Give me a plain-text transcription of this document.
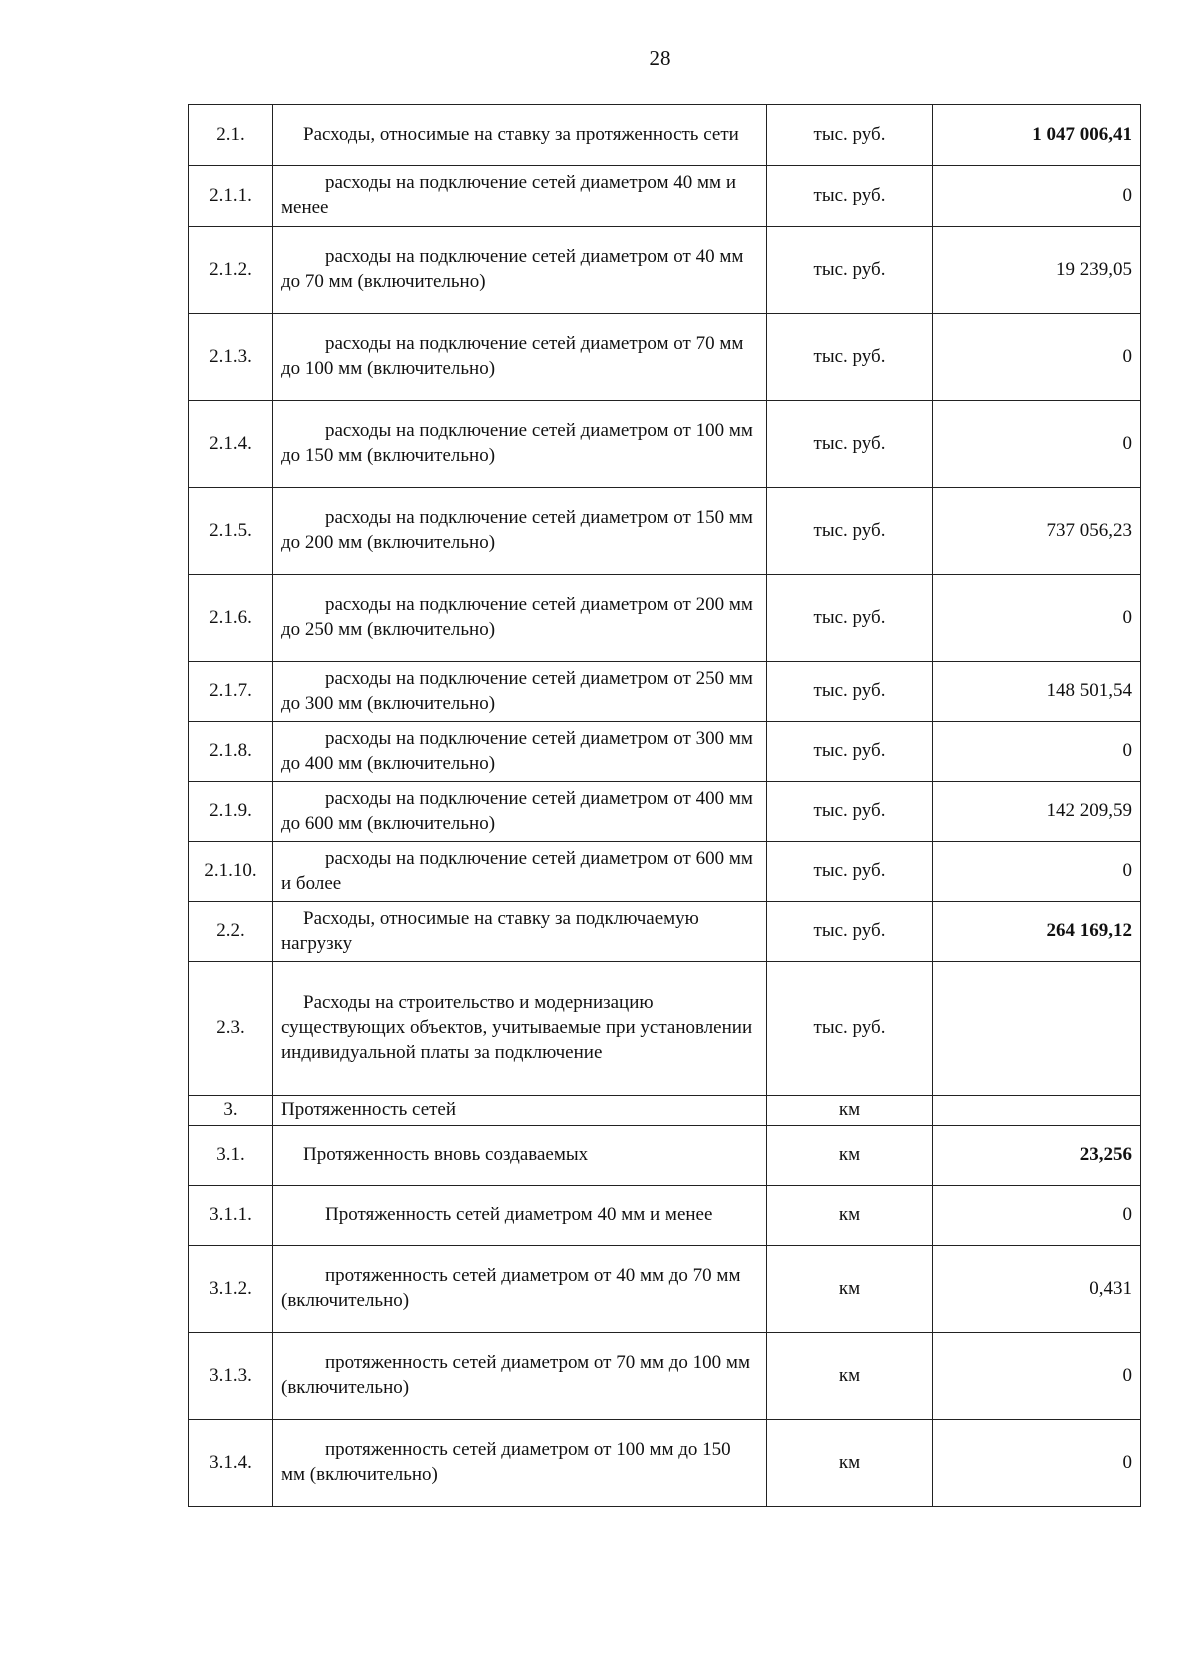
28
2.1.	Расходы, относимые на ставку за протяженность сети	тыс. руб.	1 047 006,41
2.1.1.	расходы на подключение сетей диаметром 40 мм и менее	тыс. руб.	0
2.1.2.	расходы на подключение сетей диаметром от 40 мм до 70 мм (включительно)	тыс. руб.	19 239,05
2.1.3.	расходы на подключение сетей диаметром от 70 мм до 100 мм (включительно)	тыс. руб.	0
2.1.4.	расходы на подключение сетей диаметром от 100 мм до 150 мм (включительно)	тыс. руб.	0
2.1.5.	расходы на подключение сетей диаметром от 150 мм до 200 мм (включительно)	тыс. руб.	737 056,23
2.1.6.	расходы на подключение сетей диаметром от 200 мм до 250 мм (включительно)	тыс. руб.	0
2.1.7.	расходы на подключение сетей диаметром от 250 мм до 300 мм (включительно)	тыс. руб.	148 501,54
2.1.8.	расходы на подключение сетей диаметром от 300 мм до 400 мм (включительно)	тыс. руб.	0
2.1.9.	расходы на подключение сетей диаметром от 400 мм до 600 мм (включительно)	тыс. руб.	142 209,59
2.1.10.	расходы на подключение сетей диаметром от 600 мм и более	тыс. руб.	0
2.2.	Расходы, относимые на ставку за подключаемую нагрузку	тыс. руб.	264 169,12
2.3.	Расходы на строительство и модернизацию существующих объектов, учитываемые при установлении индивидуальной платы за подключение	тыс. руб.	
3.	Протяженность сетей	км	
3.1.	Протяженность вновь создаваемых	км	23,256
3.1.1.	Протяженность сетей диаметром 40 мм и менее	км	0
3.1.2.	протяженность сетей диаметром от 40 мм до 70 мм (включительно)	км	0,431
3.1.3.	протяженность сетей диаметром от 70 мм до 100 мм (включительно)	км	0
3.1.4.	протяженность сетей диаметром от 100 мм до 150 мм (включительно)	км	0
